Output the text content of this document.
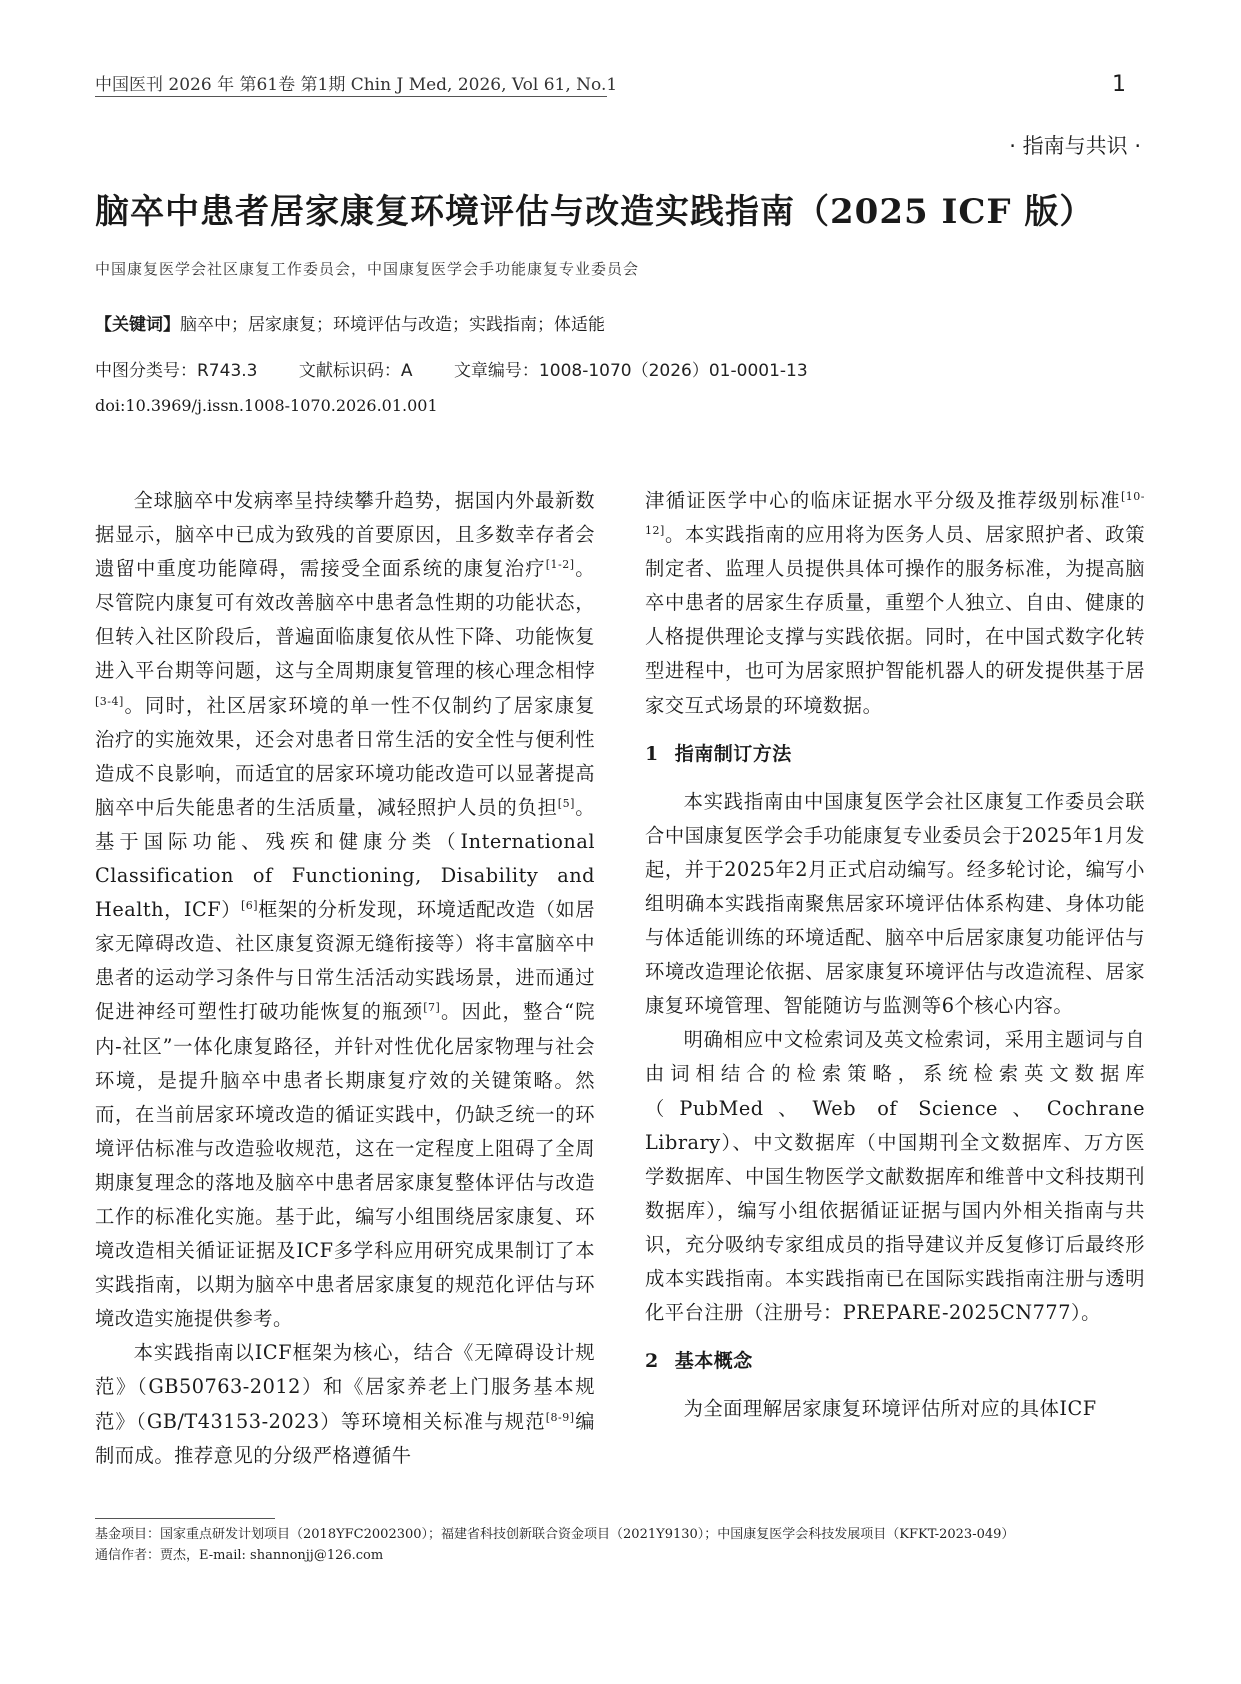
中国医刊 2026 年 第61卷 第1期 Chin J Med, 2026, Vol 61, No.1	1
· 指南与共识 ·
脑卒中患者居家康复环境评估与改造实践指南（2025 ICF 版）
中国康复医学会社区康复工作委员会，中国康复医学会手功能康复专业委员会
【关键词】脑卒中；居家康复；环境评估与改造；实践指南；体适能
中图分类号：R743.3 文献标识码：A 文章编号：1008-1070（2026）01-0001-13
doi:10.3969/j.issn.1008-1070.2026.01.001

全球脑卒中发病率呈持续攀升趋势，据国内外最新数据显示，脑卒中已成为致残的首要原因，且多数幸存者会遗留中重度功能障碍，需接受全面系统的康复治疗[1-2]。尽管院内康复可有效改善脑卒中患者急性期的功能状态，但转入社区阶段后，普遍面临康复依从性下降、功能恢复进入平台期等问题，这与全周期康复管理的核心理念相悖[3-4]。同时，社区居家环境的单一性不仅制约了居家康复治疗的实施效果，还会对患者日常生活的安全性与便利性造成不良影响，而适宜的居家环境功能改造可以显著提高脑卒中后失能患者的生活质量，减轻照护人员的负担[5]。基于国际功能、残疾和健康分类（International Classification of Functioning, Disability and Health，ICF）[6]框架的分析发现，环境适配改造（如居家无障碍改造、社区康复资源无缝衔接等）将丰富脑卒中患者的运动学习条件与日常生活活动实践场景，进而通过促进神经可塑性打破功能恢复的瓶颈[7]。因此，整合“院内-社区”一体化康复路径，并针对性优化居家物理与社会环境，是提升脑卒中患者长期康复疗效的关键策略。然而，在当前居家环境改造的循证实践中，仍缺乏统一的环境评估标准与改造验收规范，这在一定程度上阻碍了全周期康复理念的落地及脑卒中患者居家康复整体评估与改造工作的标准化实施。基于此，编写小组围绕居家康复、环境改造相关循证证据及ICF多学科应用研究成果制订了本实践指南，以期为脑卒中患者居家康复的规范化评估与环境改造实施提供参考。

本实践指南以ICF框架为核心，结合《无障碍设计规范》（GB50763-2012）和《居家养老上门服务基本规范》（GB/T43153-2023）等环境相关标准与规范[8-9]编制而成。推荐意见的分级严格遵循牛

津循证医学中心的临床证据水平分级及推荐级别标准[10-12]。本实践指南的应用将为医务人员、居家照护者、政策制定者、监理人员提供具体可操作的服务标准，为提高脑卒中患者的居家生存质量，重塑个人独立、自由、健康的人格提供理论支撑与实践依据。同时，在中国式数字化转型进程中，也可为居家照护智能机器人的研发提供基于居家交互式场景的环境数据。

1 指南制订方法

本实践指南由中国康复医学会社区康复工作委员会联合中国康复医学会手功能康复专业委员会于2025年1月发起，并于2025年2月正式启动编写。经多轮讨论，编写小组明确本实践指南聚焦居家环境评估体系构建、身体功能与体适能训练的环境适配、脑卒中后居家康复功能评估与环境改造理论依据、居家康复环境评估与改造流程、居家康复环境管理、智能随访与监测等6个核心内容。

明确相应中文检索词及英文检索词，采用主题词与自由词相结合的检索策略，系统检索英文数据库（PubMed、Web of Science、Cochrane Library）、中文数据库（中国期刊全文数据库、万方医学数据库、中国生物医学文献数据库和维普中文科技期刊数据库），编写小组依据循证证据与国内外相关指南与共识，充分吸纳专家组成员的指导建议并反复修订后最终形成本实践指南。本实践指南已在国际实践指南注册与透明化平台注册（注册号：PREPARE-2025CN777）。

2 基本概念

为全面理解居家康复环境评估所对应的具体ICF

基金项目：国家重点研发计划项目（2018YFC2002300）；福建省科技创新联合资金项目（2021Y9130）；中国康复医学会科技发展项目（KFKT-2023-049）
通信作者：贾杰，E-mail: shannonjj@126.com
